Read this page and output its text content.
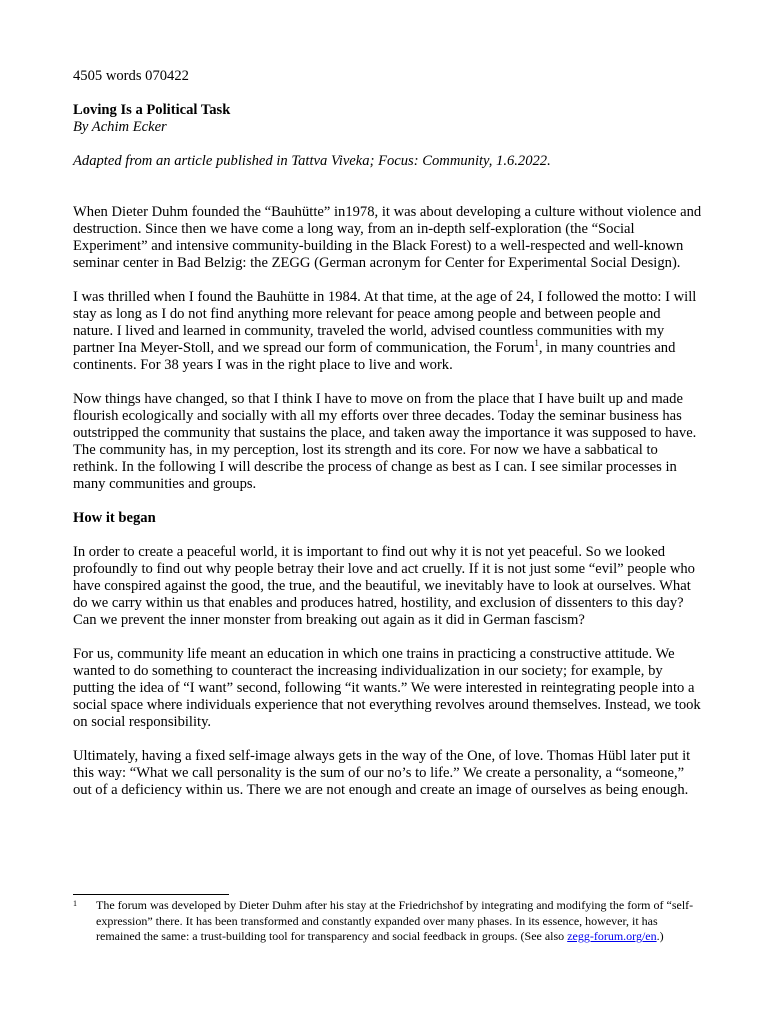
4505 words 070422

Loving Is a Political Task

By Achim Ecker

Adapted from an article published in Tattva Viveka; Focus: Community, 1.6.2022.

When Dieter Duhm founded the “Bauhütte” in1978, it was about developing a culture without violence and destruction. Since then we have come a long way, from an in-depth self-exploration (the “Social Experiment” and intensive community-building in the Black Forest) to a well-respected and well-known seminar center in Bad Belzig: the ZEGG (German acronym for Center for Experimental Social Design).

I was thrilled when I found the Bauhütte in 1984. At that time, at the age of 24, I followed the motto: I will stay as long as I do not find anything more relevant for peace among people and between people and nature. I lived and learned in community, traveled the world, advised countless communities with my partner Ina Meyer-Stoll, and we spread our form of communication, the Forum$^1$, in many countries and continents. For 38 years I was in the right place to live and work.

Now things have changed, so that I think I have to move on from the place that I have built up and made flourish ecologically and socially with all my efforts over three decades. Today the seminar business has outstripped the community that sustains the place, and taken away the importance it was supposed to have. The community has, in my perception, lost its strength and its core. For now we have a sabbatical to rethink. In the following I will describe the process of change as best as I can. I see similar processes in many communities and groups.

How it began

In order to create a peaceful world, it is important to find out why it is not yet peaceful. So we looked profoundly to find out why people betray their love and act cruelly. If it is not just some “evil” people who have conspired against the good, the true, and the beautiful, we inevitably have to look at ourselves. What do we carry within us that enables and produces hatred, hostility, and exclusion of dissenters to this day? Can we prevent the inner monster from breaking out again as it did in German fascism?

For us, community life meant an education in which one trains in practicing a constructive attitude. We wanted to do something to counteract the increasing individualization in our society; for example, by putting the idea of “I want” second, following “it wants.” We were interested in reintegrating people into a social space where individuals experience that not everything revolves around themselves. Instead, we took on social responsibility.

Ultimately, having a fixed self-image always gets in the way of the One, of love. Thomas Hübl later put it this way: “What we call personality is the sum of our no’s to life.” We create a personality, a “someone,” out of a deficiency within us. There we are not enough and create an image of ourselves as being enough.

1 The forum was developed by Dieter Duhm after his stay at the Friedrichshof by integrating and modifying the form of “self-expression” there. It has been transformed and constantly expanded over many phases. In its essence, however, it has remained the same: a trust-building tool for transparency and social feedback in groups. (See also zegg-forum.org/en.)
